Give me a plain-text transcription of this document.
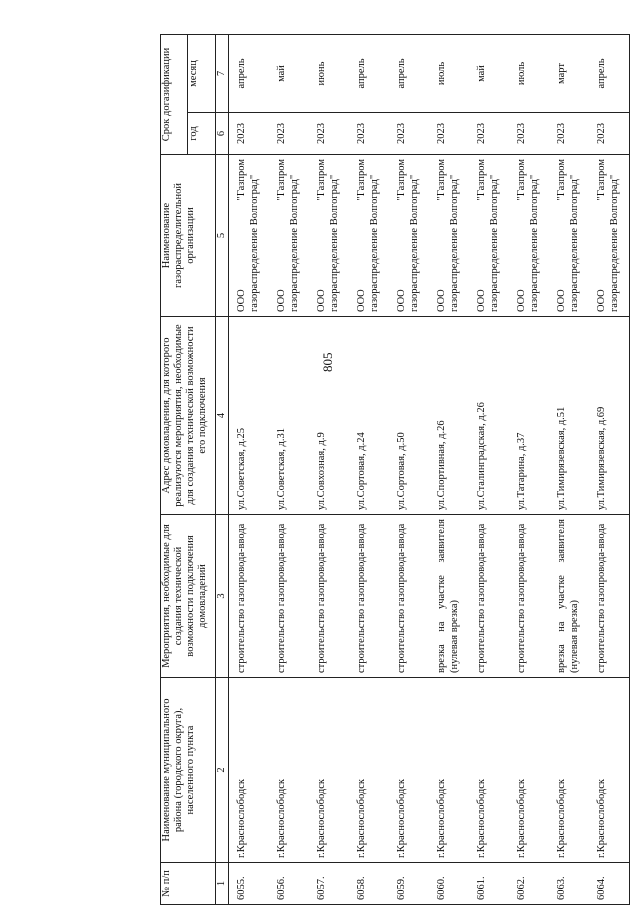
805
№ п/п	Наименование муниципального района (городского округа), населенного пункта	Мероприятия, необходимые для создания технической возможности подключения домовладений	Адрес домовладения, для которого реализуются мероприятия, необходимые для создания технической возможности его подключения	Наименование газораспределительной организации	Срок догазификации	
					год	месяц
1	2	3	4	5	6	7
6055.	г.Краснослободск	строительство газопровода-ввода	ул.Советская, д.25	ООО "Газпром газораспределение Волгоград"	2023	апрель
6056.	г.Краснослободск	строительство газопровода-ввода	ул.Советская, д.31	ООО "Газпром газораспределение Волгоград"	2023	май
6057.	г.Краснослободск	строительство газопровода-ввода	ул.Совхозная, д.9	ООО "Газпром газораспределение Волгоград"	2023	июнь
6058.	г.Краснослободск	строительство газопровода-ввода	ул.Сортовая, д.24	ООО "Газпром газораспределение Волгоград"	2023	апрель
6059.	г.Краснослободск	строительство газопровода-ввода	ул.Сортовая, д.50	ООО "Газпром газораспределение Волгоград"	2023	апрель
6060.	г.Краснослободск	врезка на участке заявителя (нулевая врезка)	ул.Спортивная, д.26	ООО "Газпром газораспределение Волгоград"	2023	июль
6061.	г.Краснослободск	строительство газопровода-ввода	ул.Сталинградская, д.26	ООО "Газпром газораспределение Волгоград"	2023	май
6062.	г.Краснослободск	строительство газопровода-ввода	ул.Татарина, д.37	ООО "Газпром газораспределение Волгоград"	2023	июль
6063.	г.Краснослободск	врезка на участке заявителя (нулевая врезка)	ул.Тимирязевская, д.51	ООО "Газпром газораспределение Волгоград"	2023	март
6064.	г.Краснослободск	строительство газопровода-ввода	ул.Тимирязевская, д.69	ООО "Газпром газораспределение Волгоград"	2023	апрель
